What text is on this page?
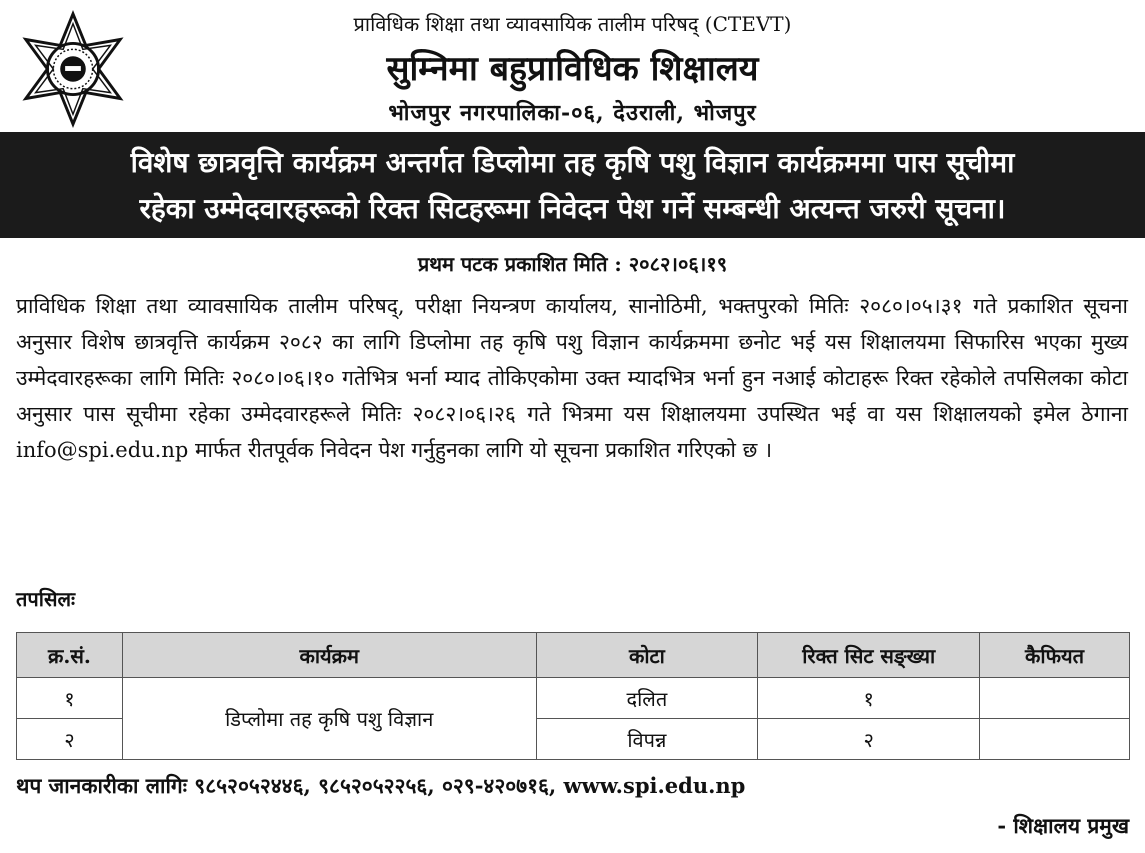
प्राविधिक शिक्षा तथा व्यावसायिक तालीम परिषद् (CTEVT)
सुम्निमा बहुप्राविधिक शिक्षालय
भोजपुर नगरपालिका-०६, देउराली, भोजपुर
विशेष छात्रवृत्ति कार्यक्रम अन्तर्गत डिप्लोमा तह कृषि पशु विज्ञान कार्यक्रममा पास सूचीमा
रहेका उम्मेदवारहरूको रिक्त सिटहरूमा निवेदन पेश गर्ने सम्बन्धी अत्यन्त जरुरी सूचना।
प्रथम पटक प्रकाशित मिति : २०८२।०६।१९
प्राविधिक शिक्षा तथा व्यावसायिक तालीम परिषद्, परीक्षा नियन्त्रण कार्यालय, सानोठिमी, भक्तपुरको मितिः २०८०।०५।३१ गते प्रकाशित सूचना अनुसार विशेष छात्रवृत्ति कार्यक्रम २०८२ का लागि डिप्लोमा तह कृषि पशु विज्ञान कार्यक्रममा छनोट भई यस शिक्षालयमा सिफारिस भएका मुख्य उम्मेदवारहरूका लागि मितिः २०८०।०६।१० गतेभित्र भर्ना म्याद तोकिएकोमा उक्त म्यादभित्र भर्ना हुन नआई कोटाहरू रिक्त रहेकोले तपसिलका कोटा अनुसार पास सूचीमा रहेका उम्मेदवारहरूले मितिः २०८२।०६।२६ गते भित्रमा यस शिक्षालयमा उपस्थित भई वा यस शिक्षालयको इमेल ठेगाना info@spi.edu.np मार्फत रीतपूर्वक निवेदन पेश गर्नुहुनका लागि यो सूचना प्रकाशित गरिएको छ ।
तपसिलः
क्र.सं.	कार्यक्रम	कोटा	रिक्त सिट सङ्ख्या	कैफियत
१	डिप्लोमा तह कृषि पशु विज्ञान	दलित	१	
२		विपन्न	२	
थप जानकारीका लागिः ९८५२०५२४४६, ९८५२०५२२५६, ०२९-४२०७१६, www.spi.edu.np
- शिक्षालय प्रमुख
